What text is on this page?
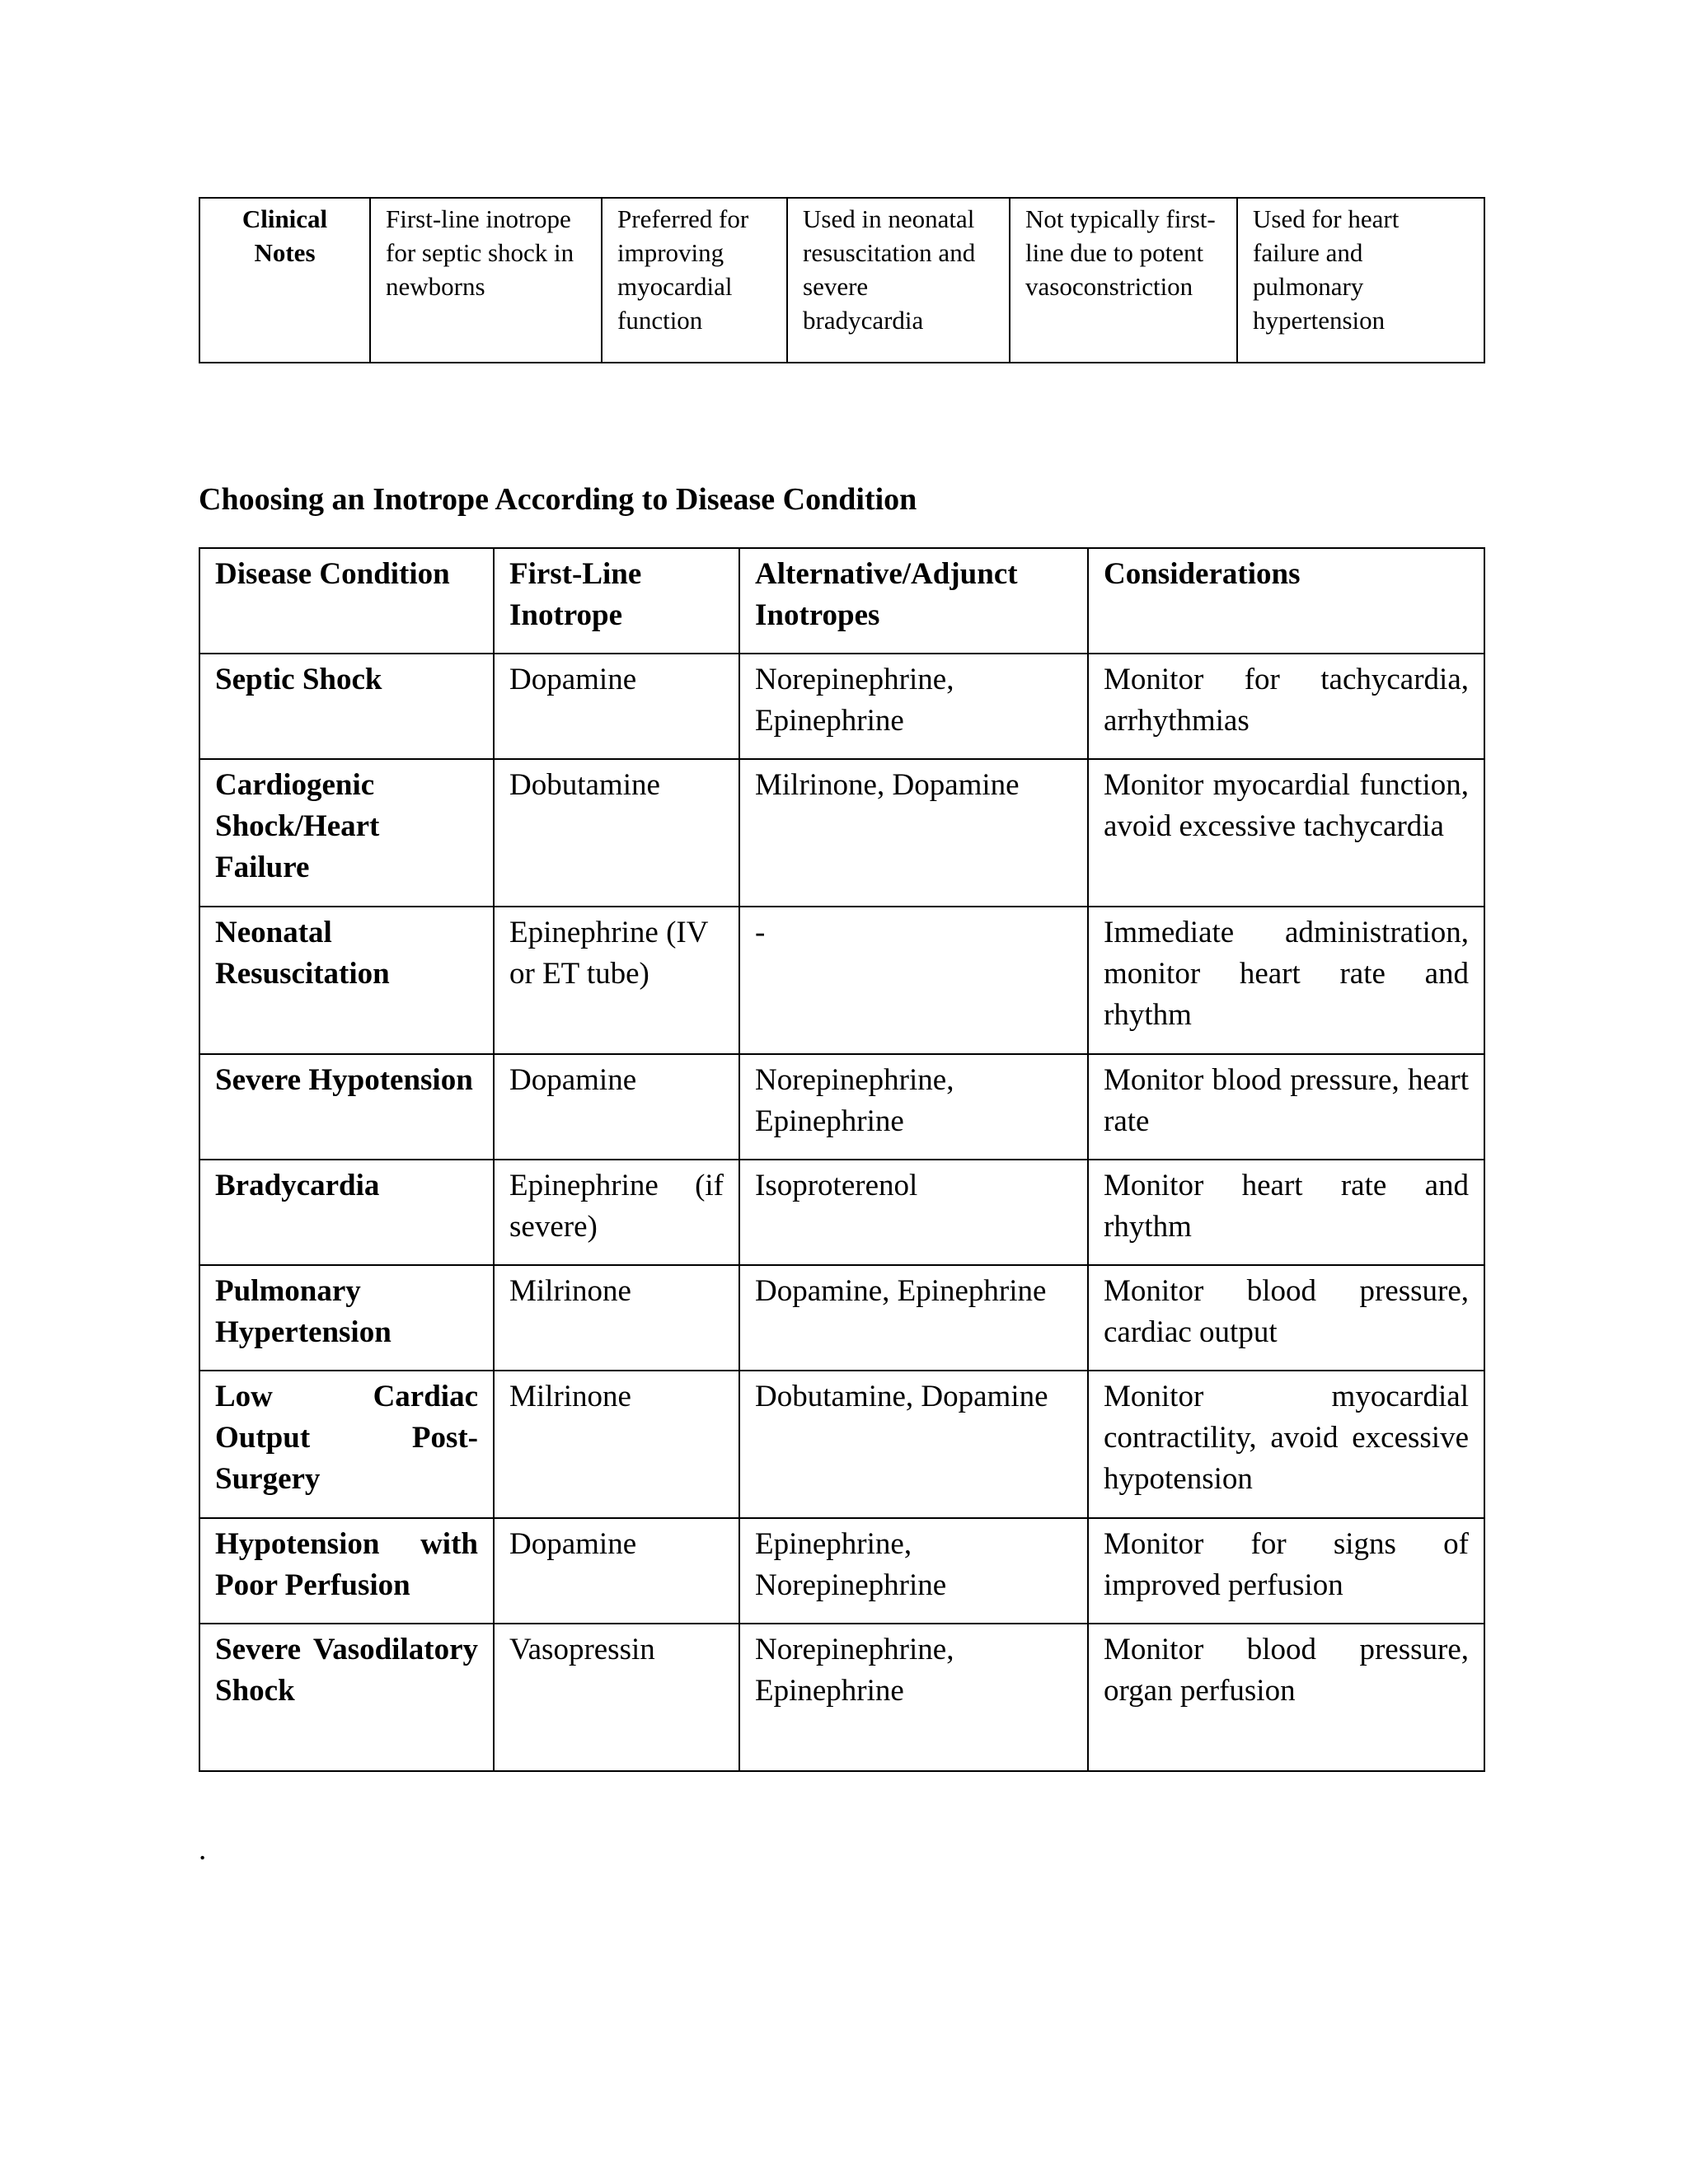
Clinical Notes	First-line inotrope for septic shock in newborns	Preferred for improving myocardial function	Used in neonatal resuscitation and severe bradycardia	Not typically first-line due to potent vasoconstriction	Used for heart failure and pulmonary hypertension
Choosing an Inotrope According to Disease Condition
Disease Condition	First-Line Inotrope	Alternative/Adjunct Inotropes	Considerations
Septic Shock	Dopamine	Norepinephrine, Epinephrine	Monitor for tachycardia, arrhythmias
Cardiogenic Shock/Heart Failure	Dobutamine	Milrinone, Dopamine	Monitor myocardial function, avoid excessive tachycardia
Neonatal Resuscitation	Epinephrine (IV or ET tube)	-	Immediate administration, monitor heart rate and rhythm
Severe Hypotension	Dopamine	Norepinephrine, Epinephrine	Monitor blood pressure, heart rate
Bradycardia	Epinephrine (if severe)	Isoproterenol	Monitor heart rate and rhythm
Pulmonary Hypertension	Milrinone	Dopamine, Epinephrine	Monitor blood pressure, cardiac output
Low Cardiac Output Post-Surgery	Milrinone	Dobutamine, Dopamine	Monitor myocardial contractility, avoid excessive hypotension
Hypotension with Poor Perfusion	Dopamine	Epinephrine, Norepinephrine	Monitor for signs of improved perfusion
Severe Vasodilatory Shock	Vasopressin	Norepinephrine, Epinephrine	Monitor blood pressure, organ perfusion
.
